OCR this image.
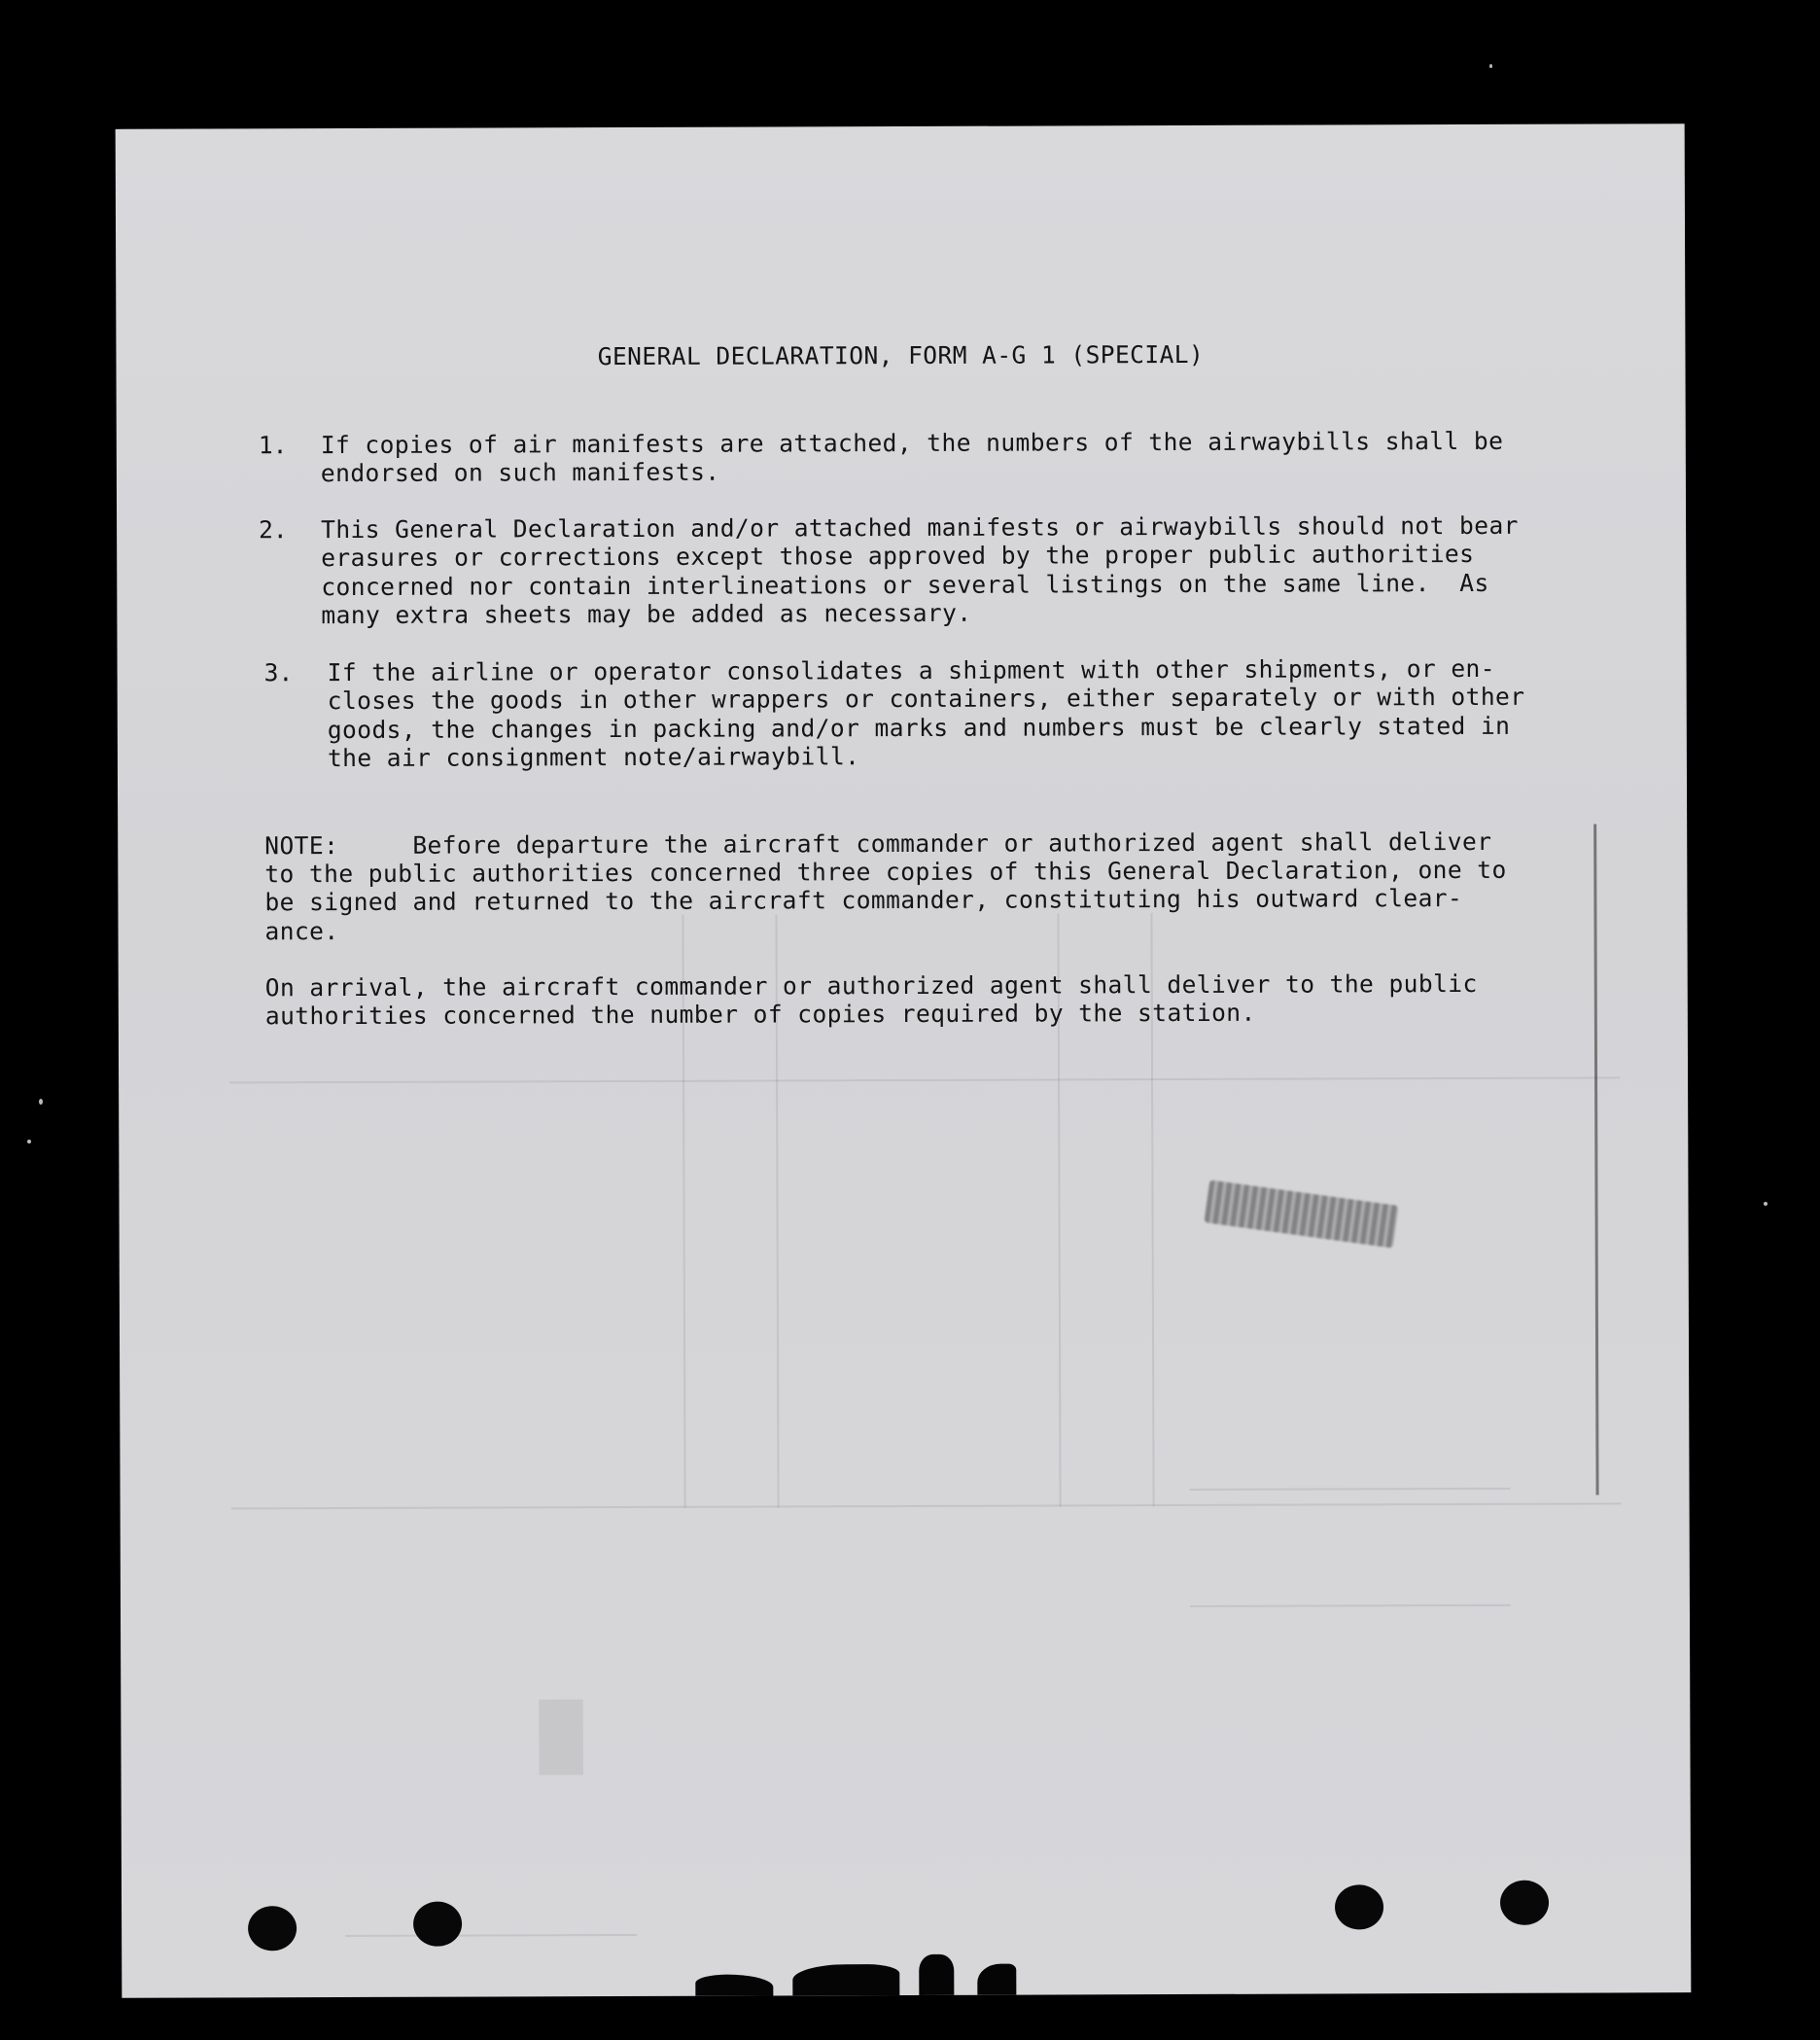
█
GENERAL DECLARATION, FORM A-G 1 (SPECIAL)
1. If copies of air manifests are attached, the numbers of the airwaybills shall be
endorsed on such manifests.
2. This General Declaration and/or attached manifests or airwaybills should not bear
erasures or corrections except those approved by the proper public authorities
concerned nor contain interlineations or several listings on the same line.  As
many extra sheets may be added as necessary.
3. If the airline or operator consolidates a shipment with other shipments, or en-
closes the goods in other wrappers or containers, either separately or with other
goods, the changes in packing and/or marks and numbers must be clearly stated in
the air consignment note/airwaybill.
NOTE:     Before departure the aircraft commander or authorized agent shall deliver
to the public authorities concerned three copies of this General Declaration, one to
be signed and returned to the aircraft commander, constituting his outward clear-
ance.
On arrival, the aircraft commander or authorized agent shall deliver to the public
authorities concerned the number of copies required by the station.
